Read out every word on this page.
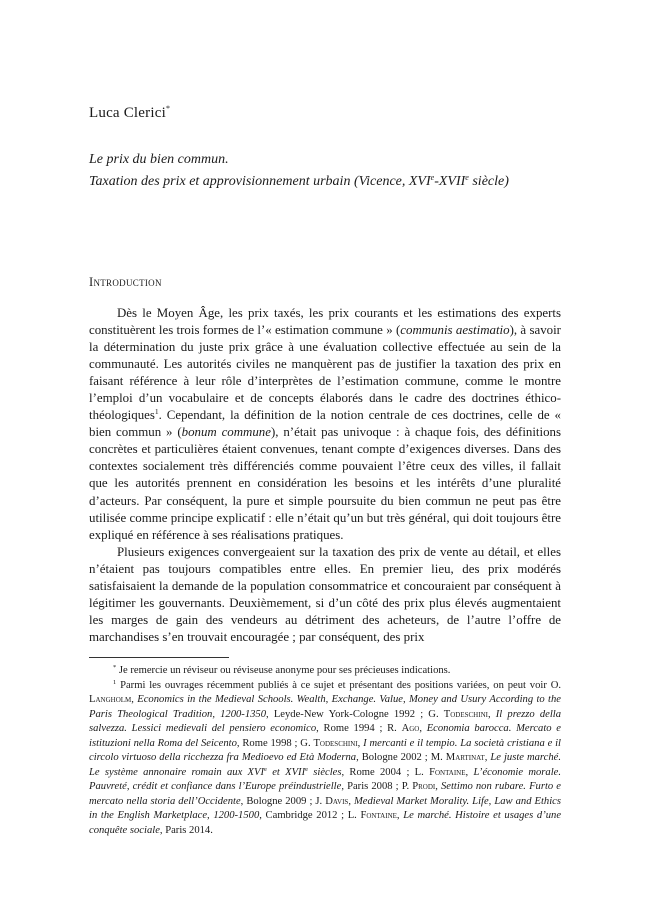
Luca Clerici*
Le prix du bien commun.
Taxation des prix et approvisionnement urbain (Vicence, XVIe-XVIIe siècle)
Introduction

Dès le Moyen Âge, les prix taxés, les prix courants et les estimations des experts constituèrent les trois formes de l’« estimation commune » (communis aestimatio), à savoir la détermination du juste prix grâce à une évaluation collective effectuée au sein de la communauté. Les autorités civiles ne manquèrent pas de justifier la taxation des prix en faisant référence à leur rôle d’interprètes de l’estimation commune, comme le montre l’emploi d’un vocabulaire et de concepts élaborés dans le cadre des doctrines éthico-théologiques$^1$. Cependant, la définition de la notion centrale de ces doctrines, celle de « bien commun » (bonum commune), n’était pas univoque : à chaque fois, des définitions concrètes et particulières étaient convenues, tenant compte d’exigences diverses. Dans des contextes socialement très différenciés comme pouvaient l’être ceux des villes, il fallait que les autorités prennent en considération les besoins et les intérêts d’une pluralité d’acteurs. Par conséquent, la pure et simple poursuite du bien commun ne peut pas être utilisée comme principe explicatif : elle n’était qu’un but très général, qui doit toujours être expliqué en référence à ses réalisations pratiques.

Plusieurs exigences convergeaient sur la taxation des prix de vente au détail, et elles n’étaient pas toujours compatibles entre elles. En premier lieu, des prix modérés satisfaisaient la demande de la population consommatrice et concouraient par conséquent à légitimer les gouvernants. Deuxièmement, si d’un côté des prix plus élevés augmentaient les marges de gain des vendeurs au détriment des acheteurs, de l’autre l’offre de marchandises s’en trouvait encouragée ; par conséquent, des prix

* Je remercie un réviseur ou réviseuse anonyme pour ses précieuses indications.

$^1$ Parmi les ouvrages récemment publiés à ce sujet et présentant des positions variées, on peut voir O. Langholm, Economics in the Medieval Schools. Wealth, Exchange. Value, Money and Usury According to the Paris Theological Tradition, 1200-1350, Leyde-New York-Cologne 1992 ; G. Todeschini, Il prezzo della salvezza. Lessici medievali del pensiero economico, Rome 1994 ; R. Ago, Economia barocca. Mercato e istituzioni nella Roma del Seicento, Rome 1998 ; G. Todeschini, I mercanti e il tempio. La società cristiana e il circolo virtuoso della ricchezza fra Medioevo ed Età Moderna, Bologne 2002 ; M. Martinat, Le juste marché. Le système annonaire romain aux XVIe et XVIIe siècles, Rome 2004 ; L. Fontaine, L’économie morale. Pauvreté, crédit et confiance dans l’Europe préindustrielle, Paris 2008 ; P. Prodi, Settimo non rubare. Furto e mercato nella storia dell’Occidente, Bologne 2009 ; J. Davis, Medieval Market Morality. Life, Law and Ethics in the English Marketplace, 1200-1500, Cambridge 2012 ; L. Fontaine, Le marché. Histoire et usages d’une conquête sociale, Paris 2014.
